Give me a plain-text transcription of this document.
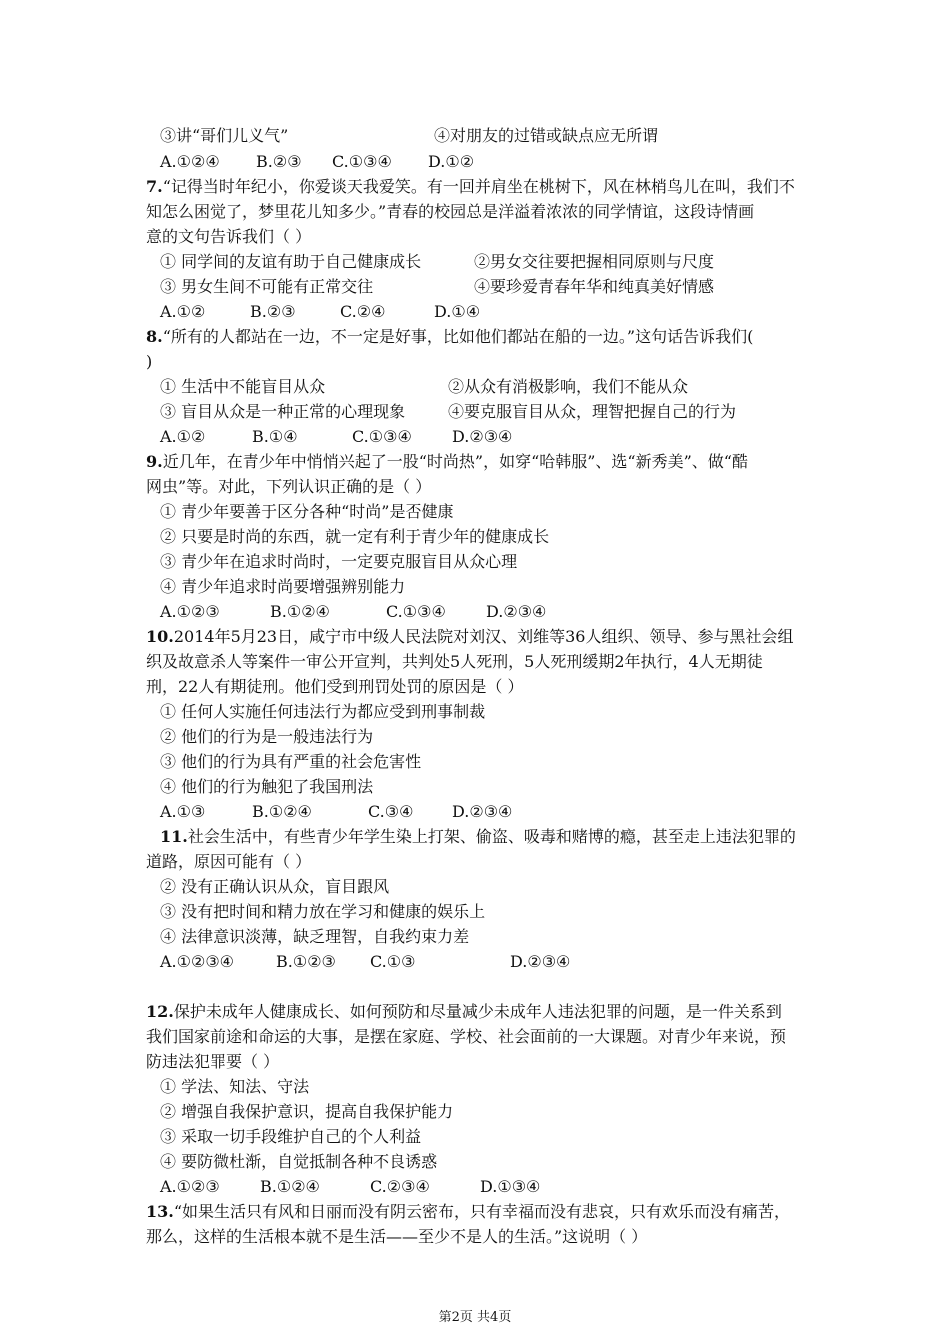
③讲“哥们儿义气”	④对朋友的过错或缺点应无所谓
A.①②④ B.②③ C.①③④ D.①②
7.“记得当时年纪小，你爱谈天我爱笑。有一回并肩坐在桃树下，风在林梢鸟儿在叫，我们不
知怎么困觉了，梦里花儿知多少。”青春的校园总是洋溢着浓浓的同学情谊，这段诗情画
意的文句告诉我们（ ）
① 同学间的友谊有助于自己健康成长	②男女交往要把握相同原则与尺度
③ 男女生间不可能有正常交往	④要珍爱青春年华和纯真美好情感
A.①②	B.②③	C.②④	D.①④
8.“所有的人都站在一边，不一定是好事，比如他们都站在船的一边。”这句话告诉我们(
)
① 生活中不能盲目从众	②从众有消极影响，我们不能从众
③ 盲目从众是一种正常的心理现象	④要克服盲目从众，理智把握自己的行为
A.①②	B.①④	C.①③④	D.②③④
9.近几年，在青少年中悄悄兴起了一股“时尚热”，如穿“哈韩服”、选“新秀美”、做“酷
网虫”等。对此，下列认识正确的是（ ）
① 青少年要善于区分各种“时尚”是否健康
② 只要是时尚的东西，就一定有利于青少年的健康成长
③ 青少年在追求时尚时，一定要克服盲目从众心理
④ 青少年追求时尚要增强辨别能力
A.①②③	B.①②④	C.①③④	D.②③④
10.2014年5月23日，咸宁市中级人民法院对刘汉、刘维等36人组织、领导、参与黑社会组
织及故意杀人等案件一审公开宣判，共判处5人死刑，5人死刑缓期2年执行，4人无期徒
刑，22人有期徒刑。他们受到刑罚处罚的原因是（ ）
① 任何人实施任何违法行为都应受到刑事制裁
② 他们的行为是一般违法行为
③ 他们的行为具有严重的社会危害性
④ 他们的行为触犯了我国刑法
A.①③	B.①②④	C.③④ D.②③④
11.社会生活中，有些青少年学生染上打架、偷盗、吸毒和赌博的瘾，甚至走上违法犯罪的
道路，原因可能有（ ）
② 没有正确认识从众，盲目跟风
③ 没有把时间和精力放在学习和健康的娱乐上
④ 法律意识淡薄，缺乏理智，自我约束力差
A.①②③④	B.①②③ C.①③	D.②③④
12.保护未成年人健康成长、如何预防和尽量减少未成年人违法犯罪的问题，是一件关系到
我们国家前途和命运的大事，是摆在家庭、学校、社会面前的一大课题。对青少年来说，预
防违法犯罪要（ ）
① 学法、知法、守法
② 增强自我保护意识，提高自我保护能力
③ 采取一切手段维护自己的个人利益
④ 要防微杜渐，自觉抵制各种不良诱惑
A.①②③	B.①②④	C.②③④	D.①③④
13.“如果生活只有风和日丽而没有阴云密布，只有幸福而没有悲哀，只有欢乐而没有痛苦，
那么，这样的生活根本就不是生活——至少不是人的生活。”这说明（ ）
第2页 共4页
